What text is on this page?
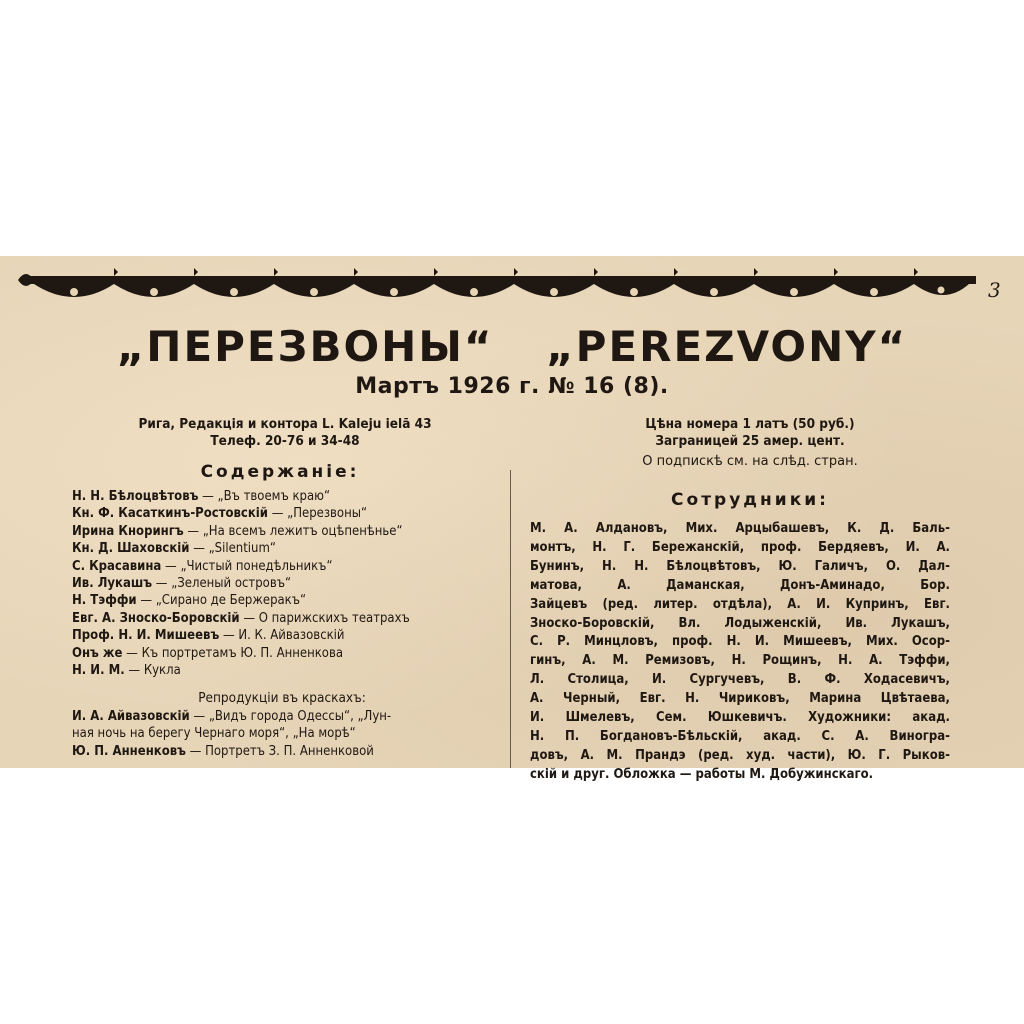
3
„ПЕРЕЗВОНЫ“ „PEREZVONY“
Мартъ 1926 г. № 16 (8).
Рига, Редакція и контора L. Kaleju ielā 43
Телеф. 20-76 и 34-48
Цѣна номера 1 латъ (50 руб.)
Заграницей 25 амер. цент.
О подпискѣ см. на слѣд. стран.
Содержаніе:
Н. Н. Бѣлоцвѣтовъ — „Въ твоемъ краю“
Кн. Ф. Касаткинъ-Ростовскій — „Перезвоны“
Ирина Кнорингъ — „На всемъ лежитъ оцѣпенѣнье“
Кн. Д. Шаховскій — „Silentium“
С. Красавина — „Чистый понедѣльникъ“
Ив. Лукашъ — „Зеленый островъ“
Н. Тэффи — „Сирано де Бержеракъ“
Евг. А. Зноско-Боровскій — О парижскихъ театрахъ
Проф. Н. И. Мишеевъ — И. К. Айвазовскій
Онъ же — Къ портретамъ Ю. П. Анненкова
Н. И. М. — Кукла
Репродукціи въ краскахъ:
И. А. Айвазовскій — „Видъ города Одессы“, „Лун-
ная ночь на берегу Чернаго моря“, „На морѣ“
Ю. П. Анненковъ — Портретъ З. П. Анненковой
Сотрудники:
М. А. Алдановъ, Мих. Арцыбашевъ, К. Д. Баль-
монтъ, Н. Г. Бережанскій, проф. Бердяевъ, И. А.
Бунинъ, Н. Н. Бѣлоцвѣтовъ, Ю. Галичъ, О. Дал-
матова, А. Даманская, Донъ-Аминадо, Бор.
Зайцевъ (ред. литер. отдѣла), А. И. Купринъ, Евг.
Зноско-Боровскій, Вл. Лодыженскій, Ив. Лукашъ,
С. Р. Минцловъ, проф. Н. И. Мишеевъ, Мих. Осор-
гинъ, А. М. Ремизовъ, Н. Рощинъ, Н. А. Тэффи,
Л. Столица, И. Сургучевъ, В. Ф. Ходасевичъ,
А. Черный, Евг. Н. Чириковъ, Марина Цвѣтаева,
И. Шмелевъ, Сем. Юшкевичъ. Художники: акад.
Н. П. Богдановъ-Бѣльскій, акад. С. А. Виногра-
довъ, А. М. Прандэ (ред. худ. части), Ю. Г. Рыков-
скій и друг. Обложка — работы М. Добужинскаго.
